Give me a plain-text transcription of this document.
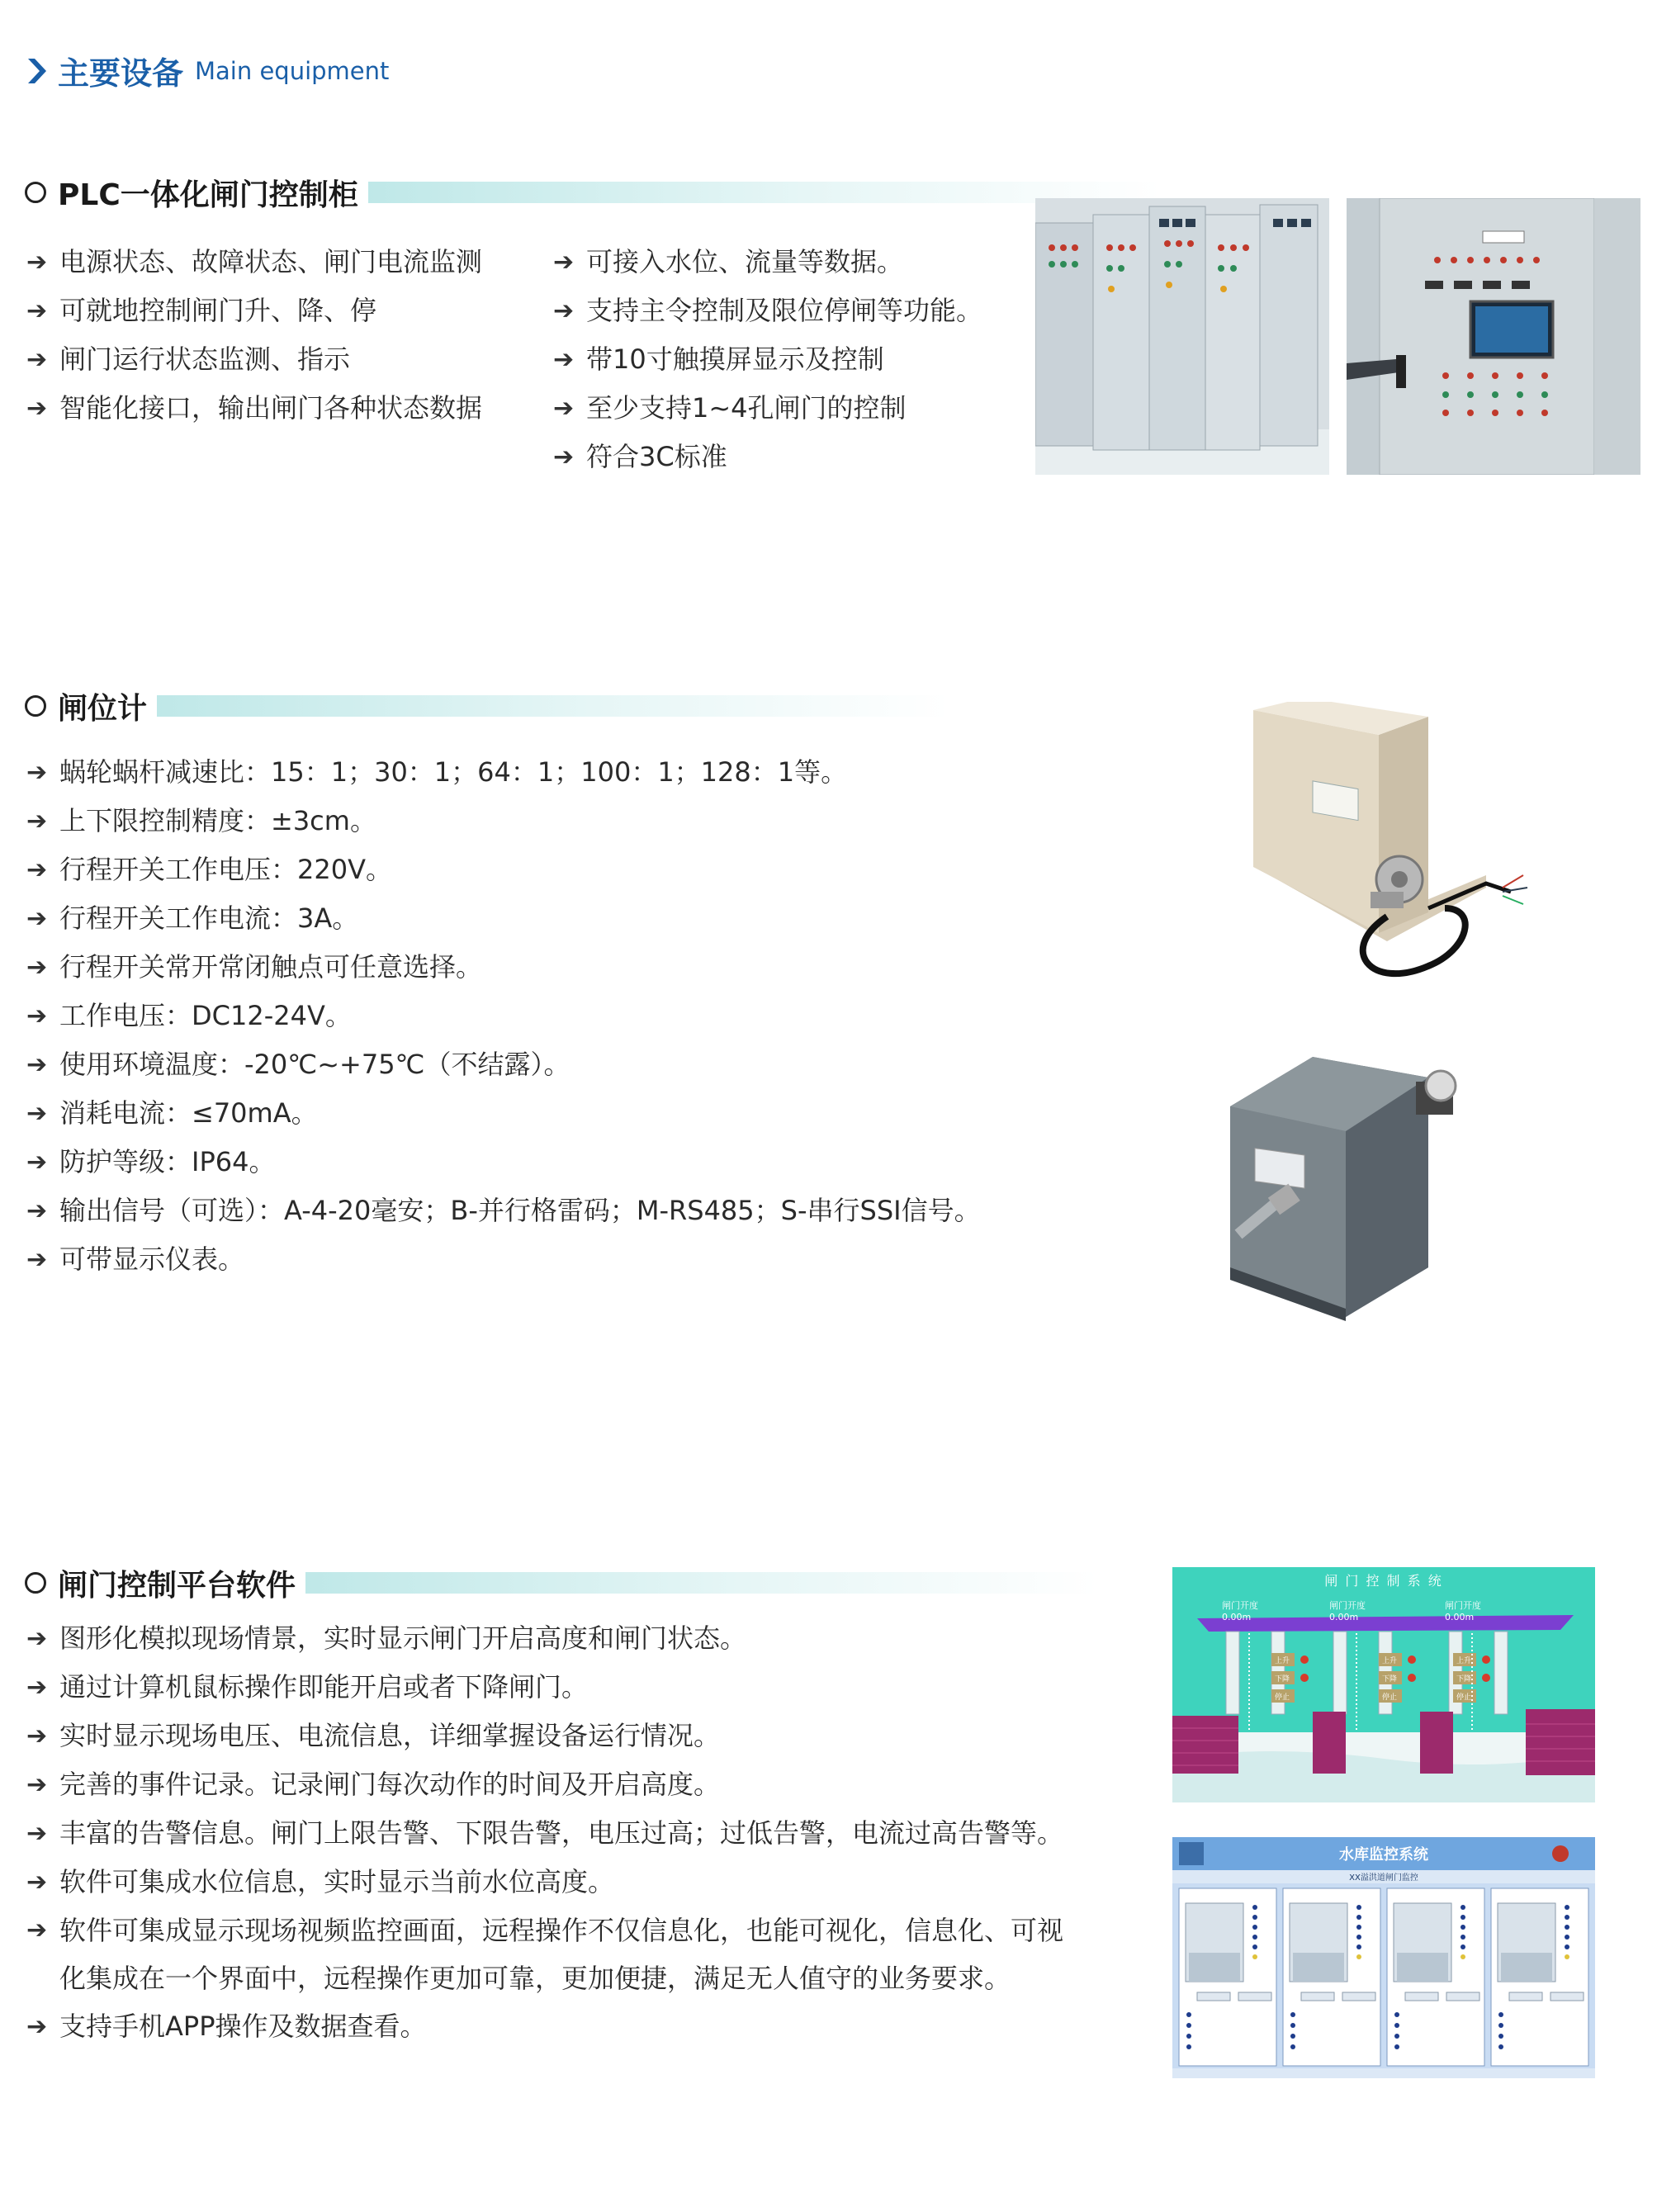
主要设备 Main equipment
PLC一体化闸门控制柜
➔ 电源状态、故障状态、闸门电流监测
➔ 可就地控制闸门升、降、停
➔ 闸门运行状态监测、指示
➔ 智能化接口，输出闸门各种状态数据
➔ 可接入水位、流量等数据。
➔ 支持主令控制及限位停闸等功能。
➔ 带10寸触摸屏显示及控制
➔ 至少支持1~4孔闸门的控制
➔ 符合3C标准
闸位计
➔ 蜗轮蜗杆减速比：15：1；30：1；64：1；100：1；128：1等。
➔ 上下限控制精度：±3cm。
➔ 行程开关工作电压：220V。
➔ 行程开关工作电流：3A。
➔ 行程开关常开常闭触点可任意选择。
➔ 工作电压：DC12-24V。
➔ 使用环境温度：-20℃~+75℃（不结露）。
➔ 消耗电流：≤70mA。
➔ 防护等级：IP64。
➔ 输出信号（可选）：A-4-20毫安；B-并行格雷码；M-RS485；S-串行SSI信号。
➔ 可带显示仪表。
闸门控制平台软件
➔ 图形化模拟现场情景，实时显示闸门开启高度和闸门状态。
➔ 通过计算机鼠标操作即能开启或者下降闸门。
➔ 实时显示现场电压、电流信息，详细掌握设备运行情况。
➔ 完善的事件记录。记录闸门每次动作的时间及开启高度。
➔ 丰富的告警信息。闸门上限告警、下限告警，电压过高；过低告警，电流过高告警等。
➔ 软件可集成水位信息，实时显示当前水位高度。
➔ 软件可集成显示现场视频监控画面，远程操作不仅信息化，也能可视化，信息化、可视化集成在一个界面中，远程操作更加可靠，更加便捷，满足无人值守的业务要求。
➔ 支持手机APP操作及数据查看。
闸 门 控 制 系 统
闸门开度
0.00m
闸门开度
0.00m
闸门开度
0.00m
上升
下降
停止
上升
下降
停止
上升
下降
停止
水库监控系统
XX溢洪道闸门监控
